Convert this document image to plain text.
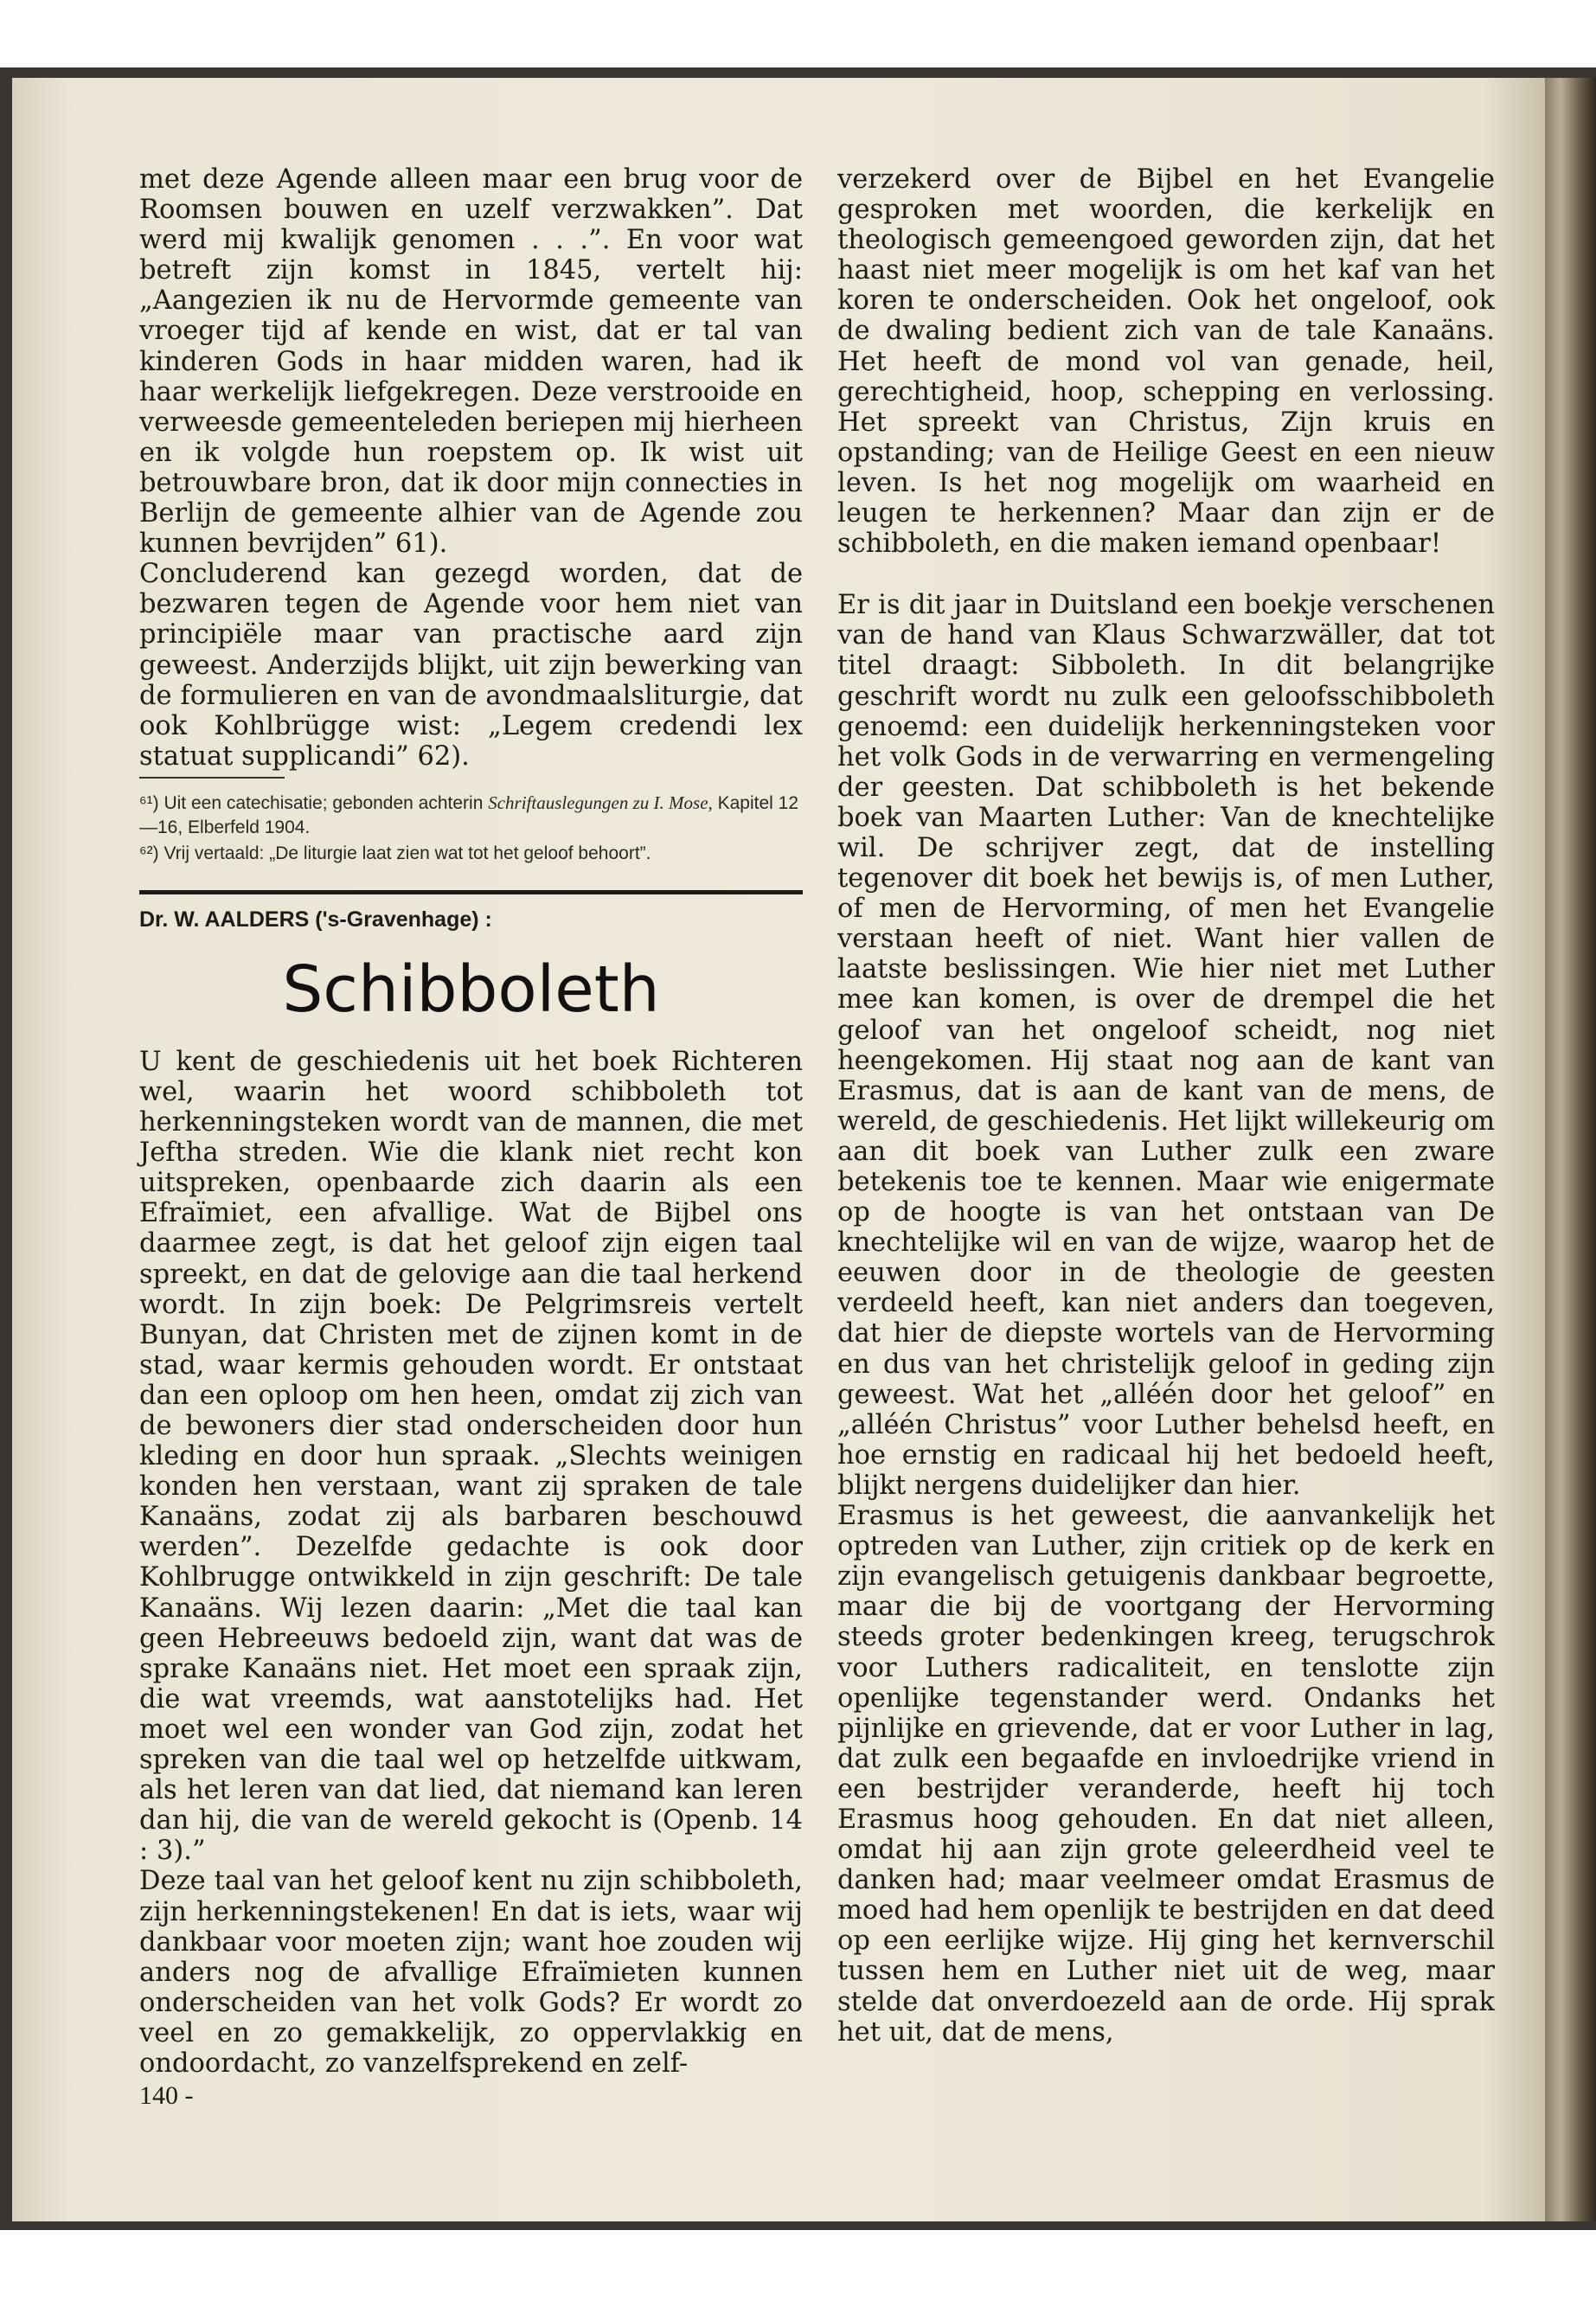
met deze Agende alleen maar een brug voor de Roomsen bouwen en uzelf verzwakken”. Dat werd mij kwalijk genomen . . .”. En voor wat betreft zijn komst in 1845, vertelt hij: „Aangezien ik nu de Hervormde gemeente van vroeger tijd af kende en wist, dat er tal van kinderen Gods in haar midden waren, had ik haar werkelijk liefgekregen. Deze verstrooide en verweesde gemeenteleden beriepen mij hierheen en ik volgde hun roepstem op. Ik wist uit betrouwbare bron, dat ik door mijn connecties in Berlijn de gemeente alhier van de Agende zou kunnen bevrijden” 61).

Concluderend kan gezegd worden, dat de bezwaren tegen de Agende voor hem niet van principiële maar van practische aard zijn geweest. Anderzijds blijkt, uit zijn bewerking van de formulieren en van de avondmaalsliturgie, dat ook Kohlbrügge wist: „Legem credendi lex statuat supplicandi” 62).

⁶¹) Uit een catechisatie; gebonden achterin Schriftauslegungen zu I. Mose, Kapitel 12—16, Elberfeld 1904.

⁶²) Vrij vertaald: „De liturgie laat zien wat tot het geloof behoort”.

Dr. W. AALDERS ('s-Gravenhage) :

Schibboleth

U kent de geschiedenis uit het boek Richteren wel, waarin het woord schibboleth tot herkenningsteken wordt van de mannen, die met Jeftha streden. Wie die klank niet recht kon uitspreken, openbaarde zich daarin als een Efraïmiet, een afvallige. Wat de Bijbel ons daarmee zegt, is dat het geloof zijn eigen taal spreekt, en dat de gelovige aan die taal herkend wordt. In zijn boek: De Pelgrimsreis vertelt Bunyan, dat Christen met de zijnen komt in de stad, waar kermis gehouden wordt. Er ontstaat dan een oploop om hen heen, omdat zij zich van de bewoners dier stad onderscheiden door hun kleding en door hun spraak. „Slechts weinigen konden hen verstaan, want zij spraken de tale Kanaäns, zodat zij als barbaren beschouwd werden”. Dezelfde gedachte is ook door Kohlbrugge ontwikkeld in zijn geschrift: De tale Kanaäns. Wij lezen daarin: „Met die taal kan geen Hebreeuws bedoeld zijn, want dat was de sprake Kanaäns niet. Het moet een spraak zijn, die wat vreemds, wat aanstotelijks had. Het moet wel een wonder van God zijn, zodat het spreken van die taal wel op hetzelfde uitkwam, als het leren van dat lied, dat niemand kan leren dan hij, die van de wereld gekocht is (Openb. 14 : 3).”

Deze taal van het geloof kent nu zijn schibboleth, zijn herkenningstekenen! En dat is iets, waar wij dankbaar voor moeten zijn; want hoe zouden wij anders nog de afvallige Efraïmieten kunnen onderscheiden van het volk Gods? Er wordt zo veel en zo gemakkelijk, zo oppervlakkig en ondoordacht, zo vanzelfsprekend en zelf-

140 -

verzekerd over de Bijbel en het Evangelie gesproken met woorden, die kerkelijk en theologisch gemeengoed geworden zijn, dat het haast niet meer mogelijk is om het kaf van het koren te onderscheiden. Ook het ongeloof, ook de dwaling bedient zich van de tale Kanaäns. Het heeft de mond vol van genade, heil, gerechtigheid, hoop, schepping en verlossing. Het spreekt van Christus, Zijn kruis en opstanding; van de Heilige Geest en een nieuw leven. Is het nog mogelijk om waarheid en leugen te herkennen? Maar dan zijn er de schibboleth, en die maken iemand openbaar!

Er is dit jaar in Duitsland een boekje verschenen van de hand van Klaus Schwarzwäller, dat tot titel draagt: Sibboleth. In dit belangrijke geschrift wordt nu zulk een geloofsschibboleth genoemd: een duidelijk herkenningsteken voor het volk Gods in de verwarring en vermengeling der geesten. Dat schibboleth is het bekende boek van Maarten Luther: Van de knechtelijke wil. De schrijver zegt, dat de instelling tegenover dit boek het bewijs is, of men Luther, of men de Hervorming, of men het Evangelie verstaan heeft of niet. Want hier vallen de laatste beslissingen. Wie hier niet met Luther mee kan komen, is over de drempel die het geloof van het ongeloof scheidt, nog niet heengekomen. Hij staat nog aan de kant van Erasmus, dat is aan de kant van de mens, de wereld, de geschiedenis. Het lijkt willekeurig om aan dit boek van Luther zulk een zware betekenis toe te kennen. Maar wie enigermate op de hoogte is van het ontstaan van De knechtelijke wil en van de wijze, waarop het de eeuwen door in de theologie de geesten verdeeld heeft, kan niet anders dan toegeven, dat hier de diepste wortels van de Hervorming en dus van het christelijk geloof in geding zijn geweest. Wat het „alléén door het geloof” en „alléén Christus” voor Luther behelsd heeft, en hoe ernstig en radicaal hij het bedoeld heeft, blijkt nergens duidelijker dan hier.

Erasmus is het geweest, die aanvankelijk het optreden van Luther, zijn critiek op de kerk en zijn evangelisch getuigenis dankbaar begroette, maar die bij de voortgang der Hervorming steeds groter bedenkingen kreeg, terugschrok voor Luthers radicaliteit, en tenslotte zijn openlijke tegenstander werd. Ondanks het pijnlijke en grievende, dat er voor Luther in lag, dat zulk een begaafde en invloedrijke vriend in een bestrijder veranderde, heeft hij toch Erasmus hoog gehouden. En dat niet alleen, omdat hij aan zijn grote geleerdheid veel te danken had; maar veelmeer omdat Erasmus de moed had hem openlijk te bestrijden en dat deed op een eerlijke wijze. Hij ging het kernverschil tussen hem en Luther niet uit de weg, maar stelde dat onverdoezeld aan de orde. Hij sprak het uit, dat de mens,
